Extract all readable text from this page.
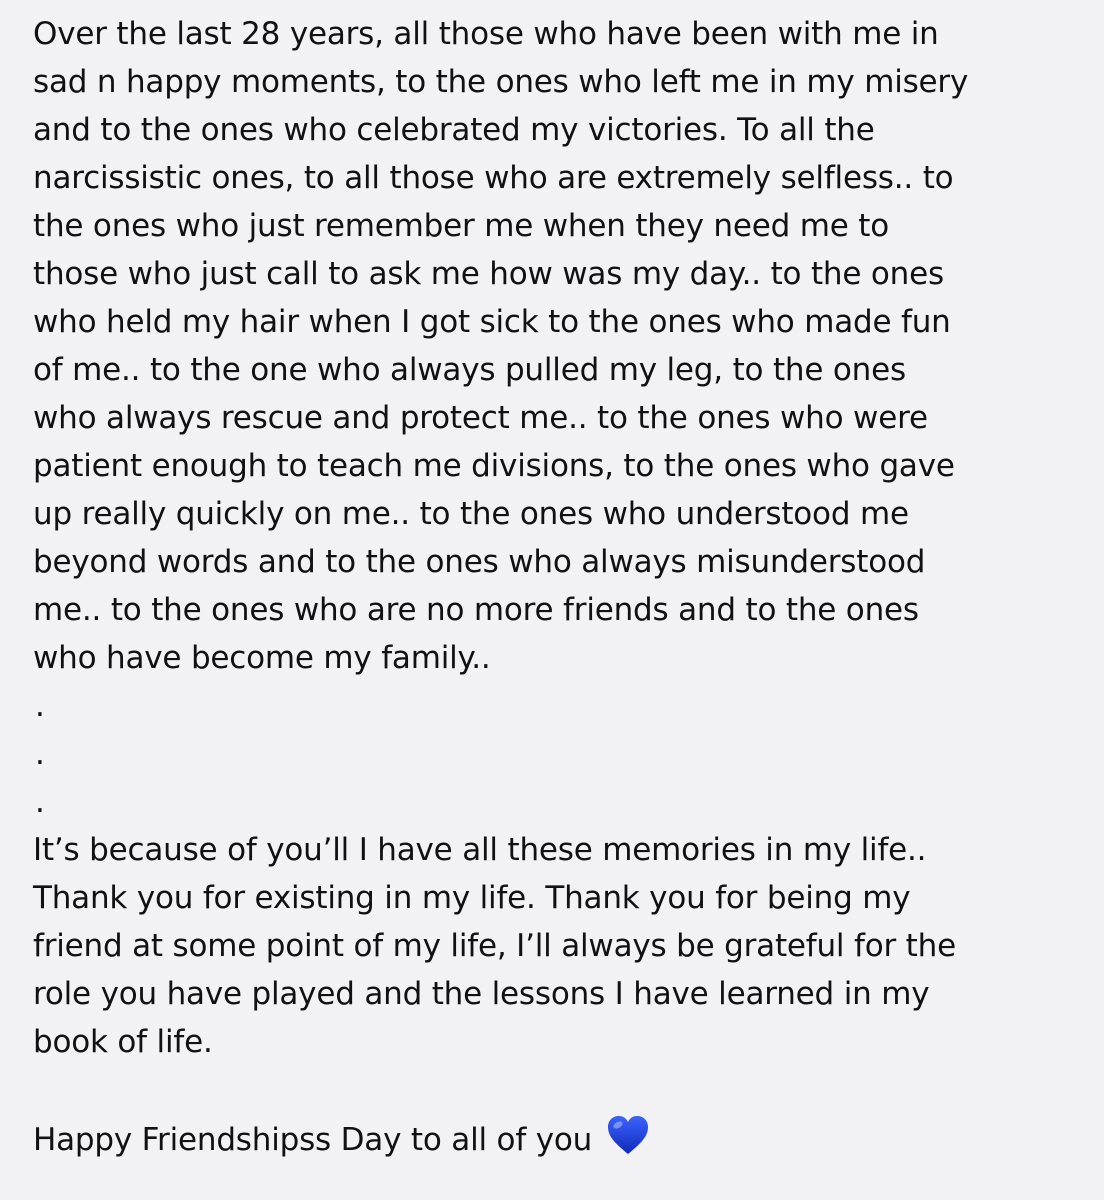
Over the last 28 years, all those who have been with me in
sad n happy moments, to the ones who left me in my misery
and to the ones who celebrated my victories. To all the
narcissistic ones, to all those who are extremely selfless.. to
the ones who just remember me when they need me to
those who just call to ask me how was my day.. to the ones
who held my hair when I got sick to the ones who made fun
of me.. to the one who always pulled my leg, to the ones
who always rescue and protect me.. to the ones who were
patient enough to teach me divisions, to the ones who gave
up really quickly on me.. to the ones who understood me
beyond words and to the ones who always misunderstood
me.. to the ones who are no more friends and to the ones
who have become my family..
.
.
.
It’s because of you’ll I have all these memories in my life..
Thank you for existing in my life. Thank you for being my
friend at some point of my life, I’ll always be grateful for the
role you have played and the lessons I have learned in my
book of life.
Happy Friendshipss Day to all of you
